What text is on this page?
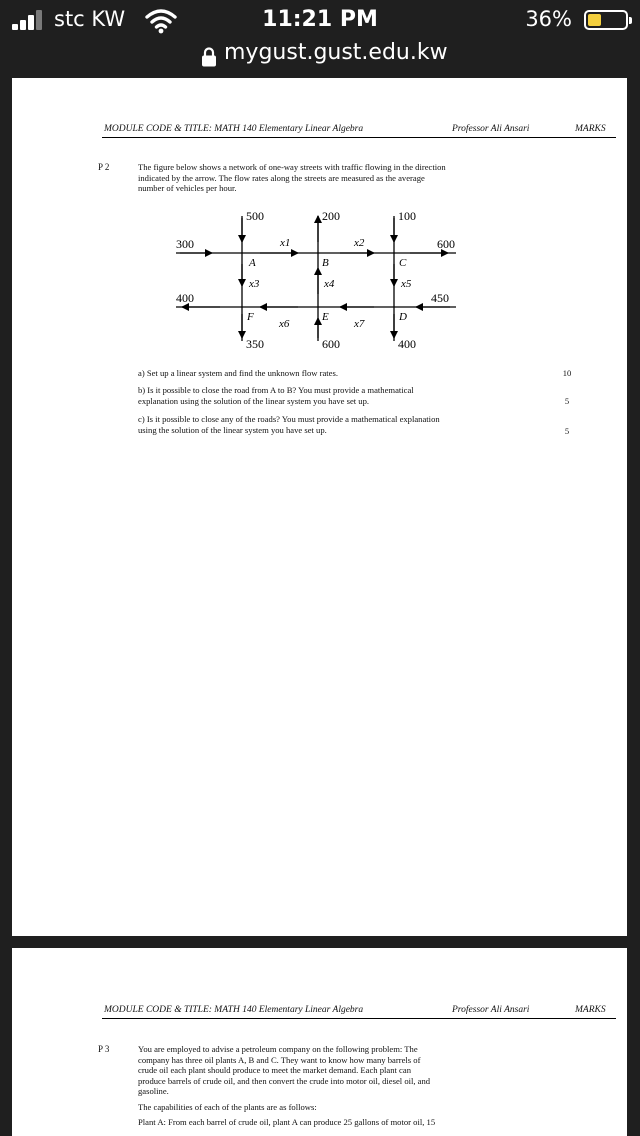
stc KW	11:21 PM	36%
mygust.gust.edu.kw
MODULE CODE & TITLE: MATH 140 Elementary Linear Algebra	Professor Ali Ansari	MARKS
P 2	The figure below shows a network of one-way streets with traffic flowing in the direction
indicated by the arrow. The flow rates along the streets are measured as the average
number of vehicles per hour.
500	200	100
350	600	400
300
400
600
450
A	B	C
F	E	D
x1	x2
x3	x4	x5
x6	x7
a) Set up a linear system and find the unknown flow rates.	10
b) Is it possible to close the road from A to B? You must provide a mathematical
explanation using the solution of the linear system you have set up.	5
c) Is it possible to close any of the roads? You must provide a mathematical explanation
using the solution of the linear system you have set up.	5
MODULE CODE & TITLE: MATH 140 Elementary Linear Algebra	Professor Ali Ansari	MARKS
P 3	You are employed to advise a petroleum company on the following problem: The
company has three oil plants A, B and C. They want to know how many barrels of
crude oil each plant should produce to meet the market demand. Each plant can
produce barrels of crude oil, and then convert the crude into motor oil, diesel oil, and
gasoline.
The capabilities of each of the plants are as follows:
Plant A: From each barrel of crude oil, plant A can produce 25 gallons of motor oil, 15
